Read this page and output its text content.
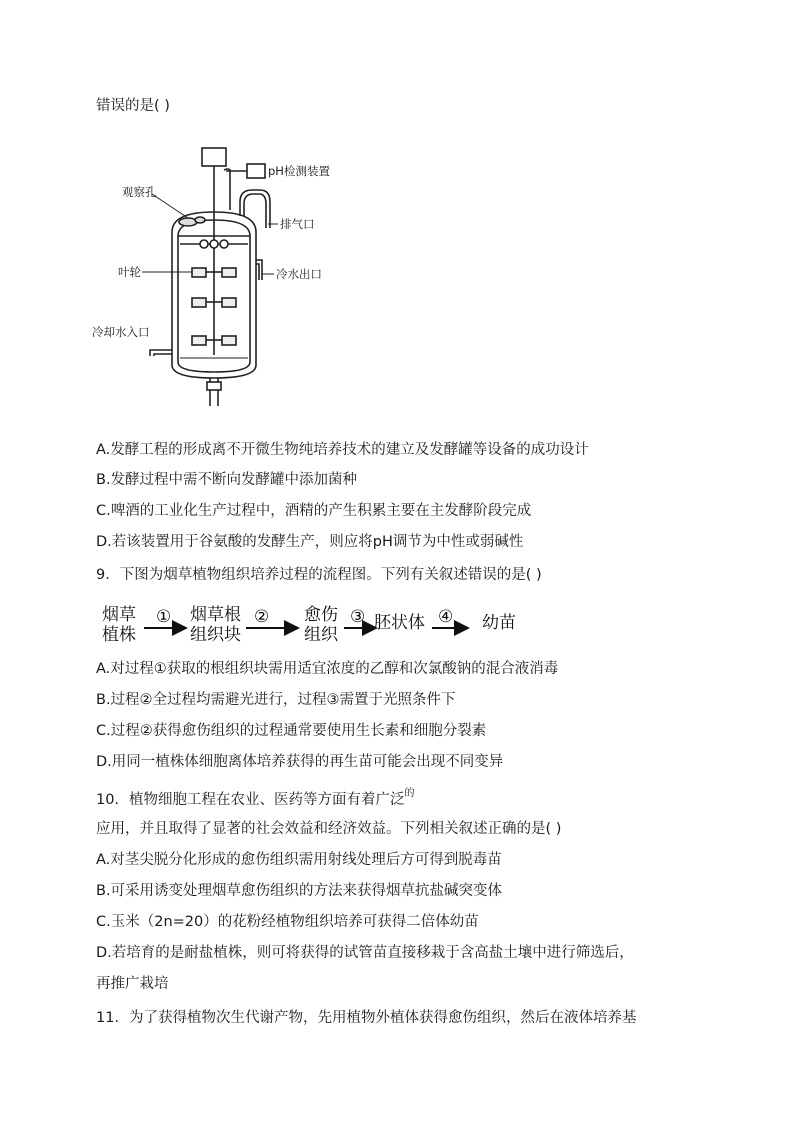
错误的是( )
pH检测装置
观察孔
排气口
叶轮	冷水出口
冷却水入口
A.发酵工程的形成离不开微生物纯培养技术的建立及发酵罐等设备的成功设计
B.发酵过程中需不断向发酵罐中添加菌种
C.啤酒的工业化生产过程中，酒精的产生积累主要在主发酵阶段完成
D.若该装置用于谷氨酸的发酵生产，则应将pH调节为中性或弱碱性
9．下图为烟草植物组织培养过程的流程图。下列有关叙述错误的是( )
烟草
植株
① 烟草根
组织块
② 愈伤
组织
③ 胚状体 ④ 幼苗
A.对过程①获取的根组织块需用适宜浓度的乙醇和次氯酸钠的混合液消毒
B.过程②全过程均需避光进行，过程③需置于光照条件下
C.过程②获得愈伤组织的过程通常要使用生长素和细胞分裂素
D.用同一植株体细胞离体培养获得的再生苗可能会出现不同变异
10．植物细胞工程在农业、医药等方面有着广泛$^的$
应用，并且取得了显著的社会效益和经济效益。下列相关叙述正确的是( )
A.对茎尖脱分化形成的愈伤组织需用射线处理后方可得到脱毒苗
B.可采用诱变处理烟草愈伤组织的方法来获得烟草抗盐碱突变体
C.玉米（2n=20）的花粉经植物组织培养可获得二倍体幼苗
D.若培育的是耐盐植株，则可将获得的试管苗直接移栽于含高盐土壤中进行筛选后，
再推广栽培
11．为了获得植物次生代谢产物，先用植物外植体获得愈伤组织，然后在液体培养基
